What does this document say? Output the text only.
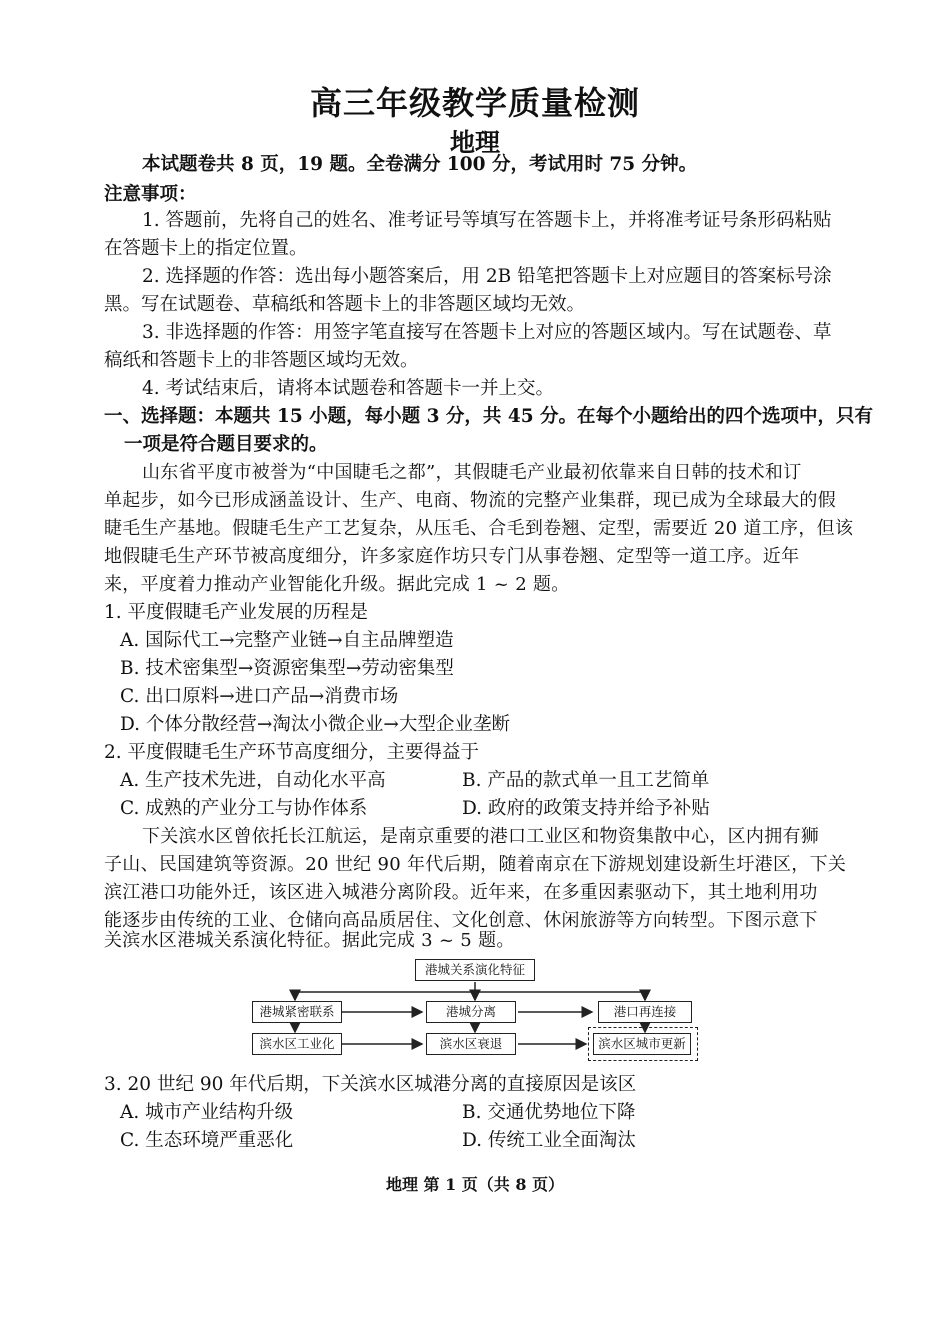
高三年级教学质量检测
地理
本试题卷共 8 页，19 题。全卷满分 100 分，考试用时 75 分钟。
注意事项：
1. 答题前，先将自己的姓名、准考证号等填写在答题卡上，并将准考证号条形码粘贴
在答题卡上的指定位置。
2. 选择题的作答：选出每小题答案后，用 2B 铅笔把答题卡上对应题目的答案标号涂
黑。写在试题卷、草稿纸和答题卡上的非答题区域均无效。
3. 非选择题的作答：用签字笔直接写在答题卡上对应的答题区域内。写在试题卷、草
稿纸和答题卡上的非答题区域均无效。
4. 考试结束后，请将本试题卷和答题卡一并上交。
一、选择题：本题共 15 小题，每小题 3 分，共 45 分。在每个小题给出的四个选项中，只有
一项是符合题目要求的。
山东省平度市被誉为“中国睫毛之都”，其假睫毛产业最初依靠来自日韩的技术和订
单起步，如今已形成涵盖设计、生产、电商、物流的完整产业集群，现已成为全球最大的假
睫毛生产基地。假睫毛生产工艺复杂，从压毛、合毛到卷翘、定型，需要近 20 道工序，但该
地假睫毛生产环节被高度细分，许多家庭作坊只专门从事卷翘、定型等一道工序。近年
来，平度着力推动产业智能化升级。据此完成 1 ~ 2 题。
1. 平度假睫毛产业发展的历程是
A. 国际代工→完整产业链→自主品牌塑造
B. 技术密集型→资源密集型→劳动密集型
C. 出口原料→进口产品→消费市场
D. 个体分散经营→淘汰小微企业→大型企业垄断
2. 平度假睫毛生产环节高度细分，主要得益于
A. 生产技术先进，自动化水平高	B. 产品的款式单一且工艺简单
C. 成熟的产业分工与协作体系	D. 政府的政策支持并给予补贴
下关滨水区曾依托长江航运，是南京重要的港口工业区和物资集散中心，区内拥有狮
子山、民国建筑等资源。20 世纪 90 年代后期，随着南京在下游规划建设新生圩港区，下关
滨江港口功能外迁，该区进入城港分离阶段。近年来，在多重因素驱动下，其土地利用功
能逐步由传统的工业、仓储向高品质居住、文化创意、休闲旅游等方向转型。下图示意下
关滨水区港城关系演化特征。据此完成 3 ~ 5 题。
港城关系演化特征
港城紧密联系	港城分离	港口再连接
滨水区工业化	滨水区衰退	滨水区城市更新
3. 20 世纪 90 年代后期，下关滨水区城港分离的直接原因是该区
A. 城市产业结构升级	B. 交通优势地位下降
C. 生态环境严重恶化	D. 传统工业全面淘汰
地理 第 1 页（共 8 页）
